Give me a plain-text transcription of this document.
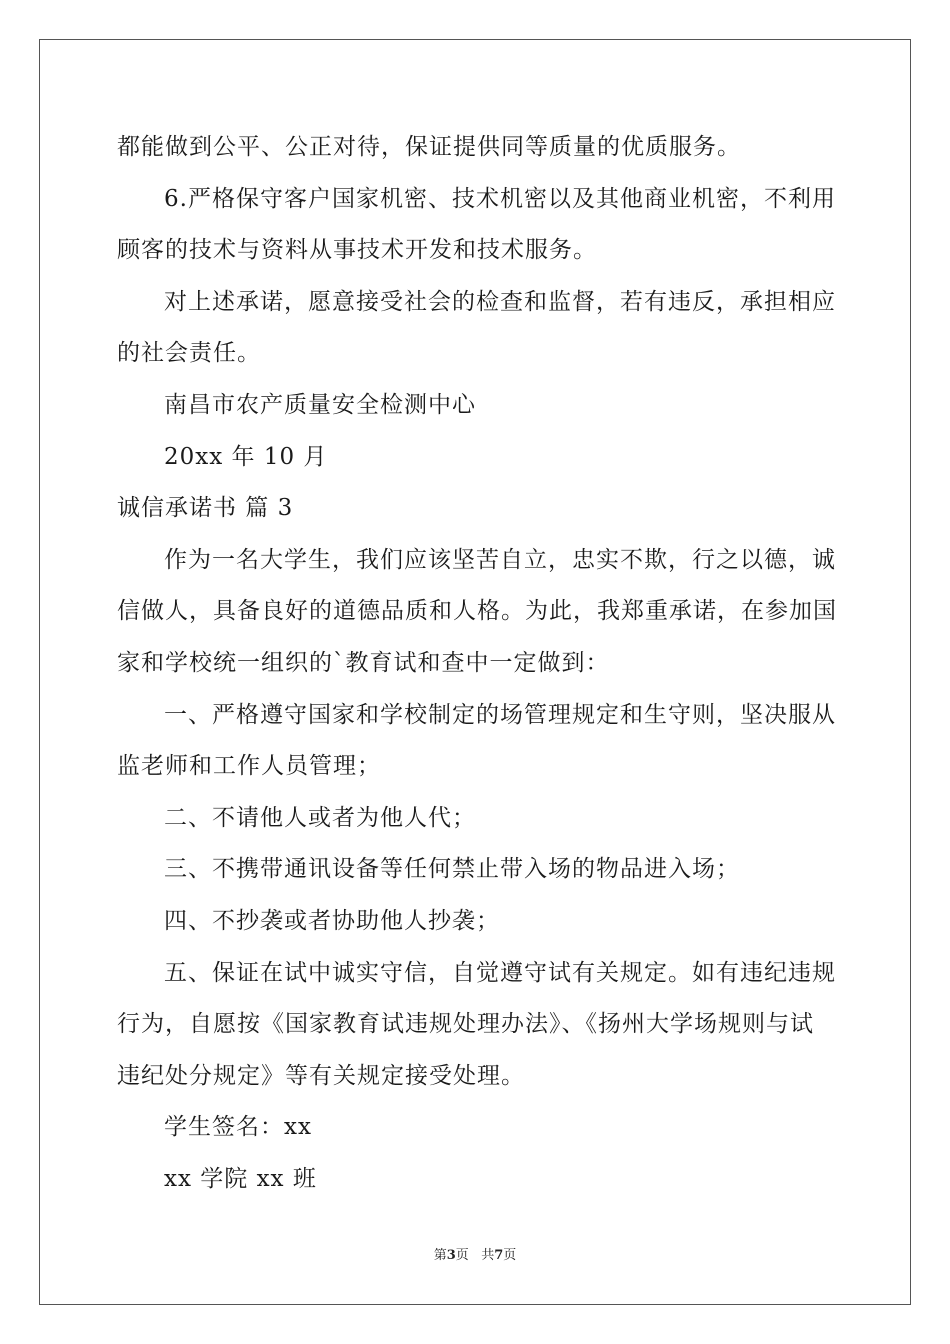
都能做到公平、公正对待，保证提供同等质量的优质服务。

6.严格保守客户国家机密、技术机密以及其他商业机密，不利用

顾客的技术与资料从事技术开发和技术服务。

对上述承诺，愿意接受社会的检查和监督，若有违反，承担相应

的社会责任。

南昌市农产质量安全检测中心

20xx 年 10 月

诚信承诺书 篇 3

作为一名大学生，我们应该坚苦自立，忠实不欺，行之以德，诚

信做人，具备良好的道德品质和人格。为此，我郑重承诺，在参加国

家和学校统一组织的`教育试和查中一定做到：

一、严格遵守国家和学校制定的场管理规定和生守则，坚决服从

监老师和工作人员管理；

二、不请他人或者为他人代；

三、不携带通讯设备等任何禁止带入场的物品进入场；

四、不抄袭或者协助他人抄袭；

五、保证在试中诚实守信，自觉遵守试有关规定。如有违纪违规

行为，自愿按《国家教育试违规处理办法》、《扬州大学场规则与试

违纪处分规定》等有关规定接受处理。

学生签名：xx

xx 学院 xx 班

第3页 共7页
